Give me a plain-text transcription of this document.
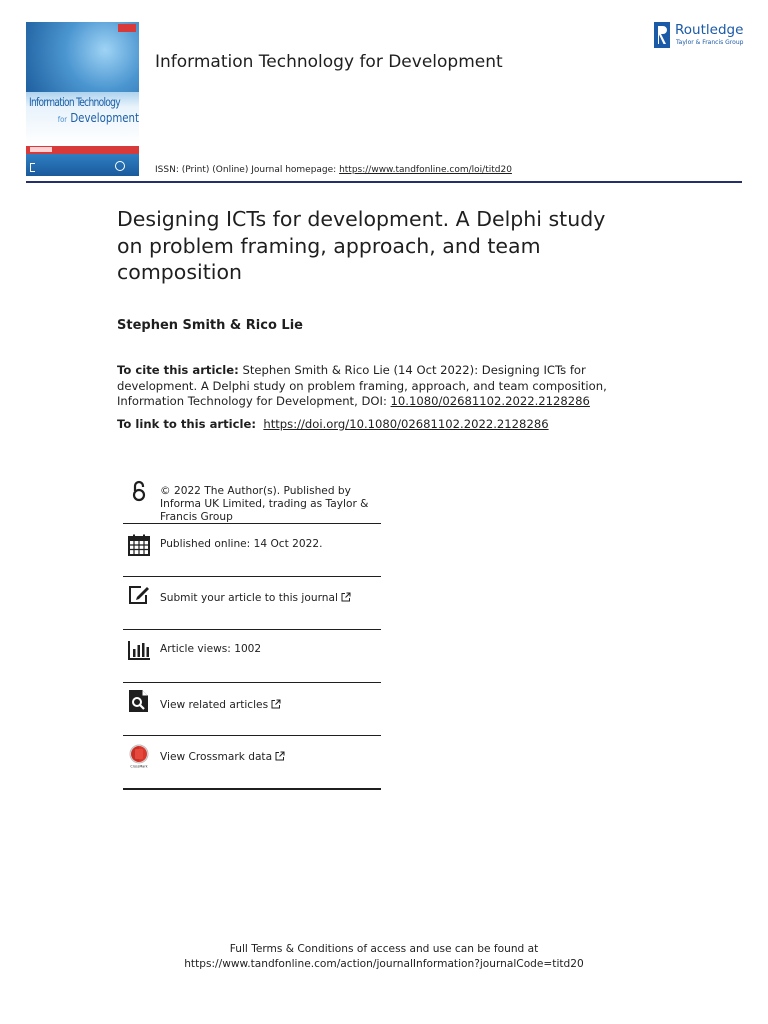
Information Technology
for Development
Information Technology for Development
ISSN: (Print) (Online) Journal homepage: https://www.tandfonline.com/loi/titd20
Routledge
Taylor & Francis Group
Designing ICTs for development. A Delphi study on problem framing, approach, and team composition
Stephen Smith & Rico Lie
To cite this article: Stephen Smith & Rico Lie (14 Oct 2022): Designing ICTs for development. A Delphi study on problem framing, approach, and team composition, Information Technology for Development, DOI: 10.1080/02681102.2022.2128286
To link to this article: https://doi.org/10.1080/02681102.2022.2128286
© 2022 The Author(s). Published by Informa UK Limited, trading as Taylor & Francis Group
Published online: 14 Oct 2022.
Submit your article to this journal
Article views: 1002
View related articles
CrossMark
View Crossmark data
Full Terms & Conditions of access and use can be found at
https://www.tandfonline.com/action/journalInformation?journalCode=titd20
